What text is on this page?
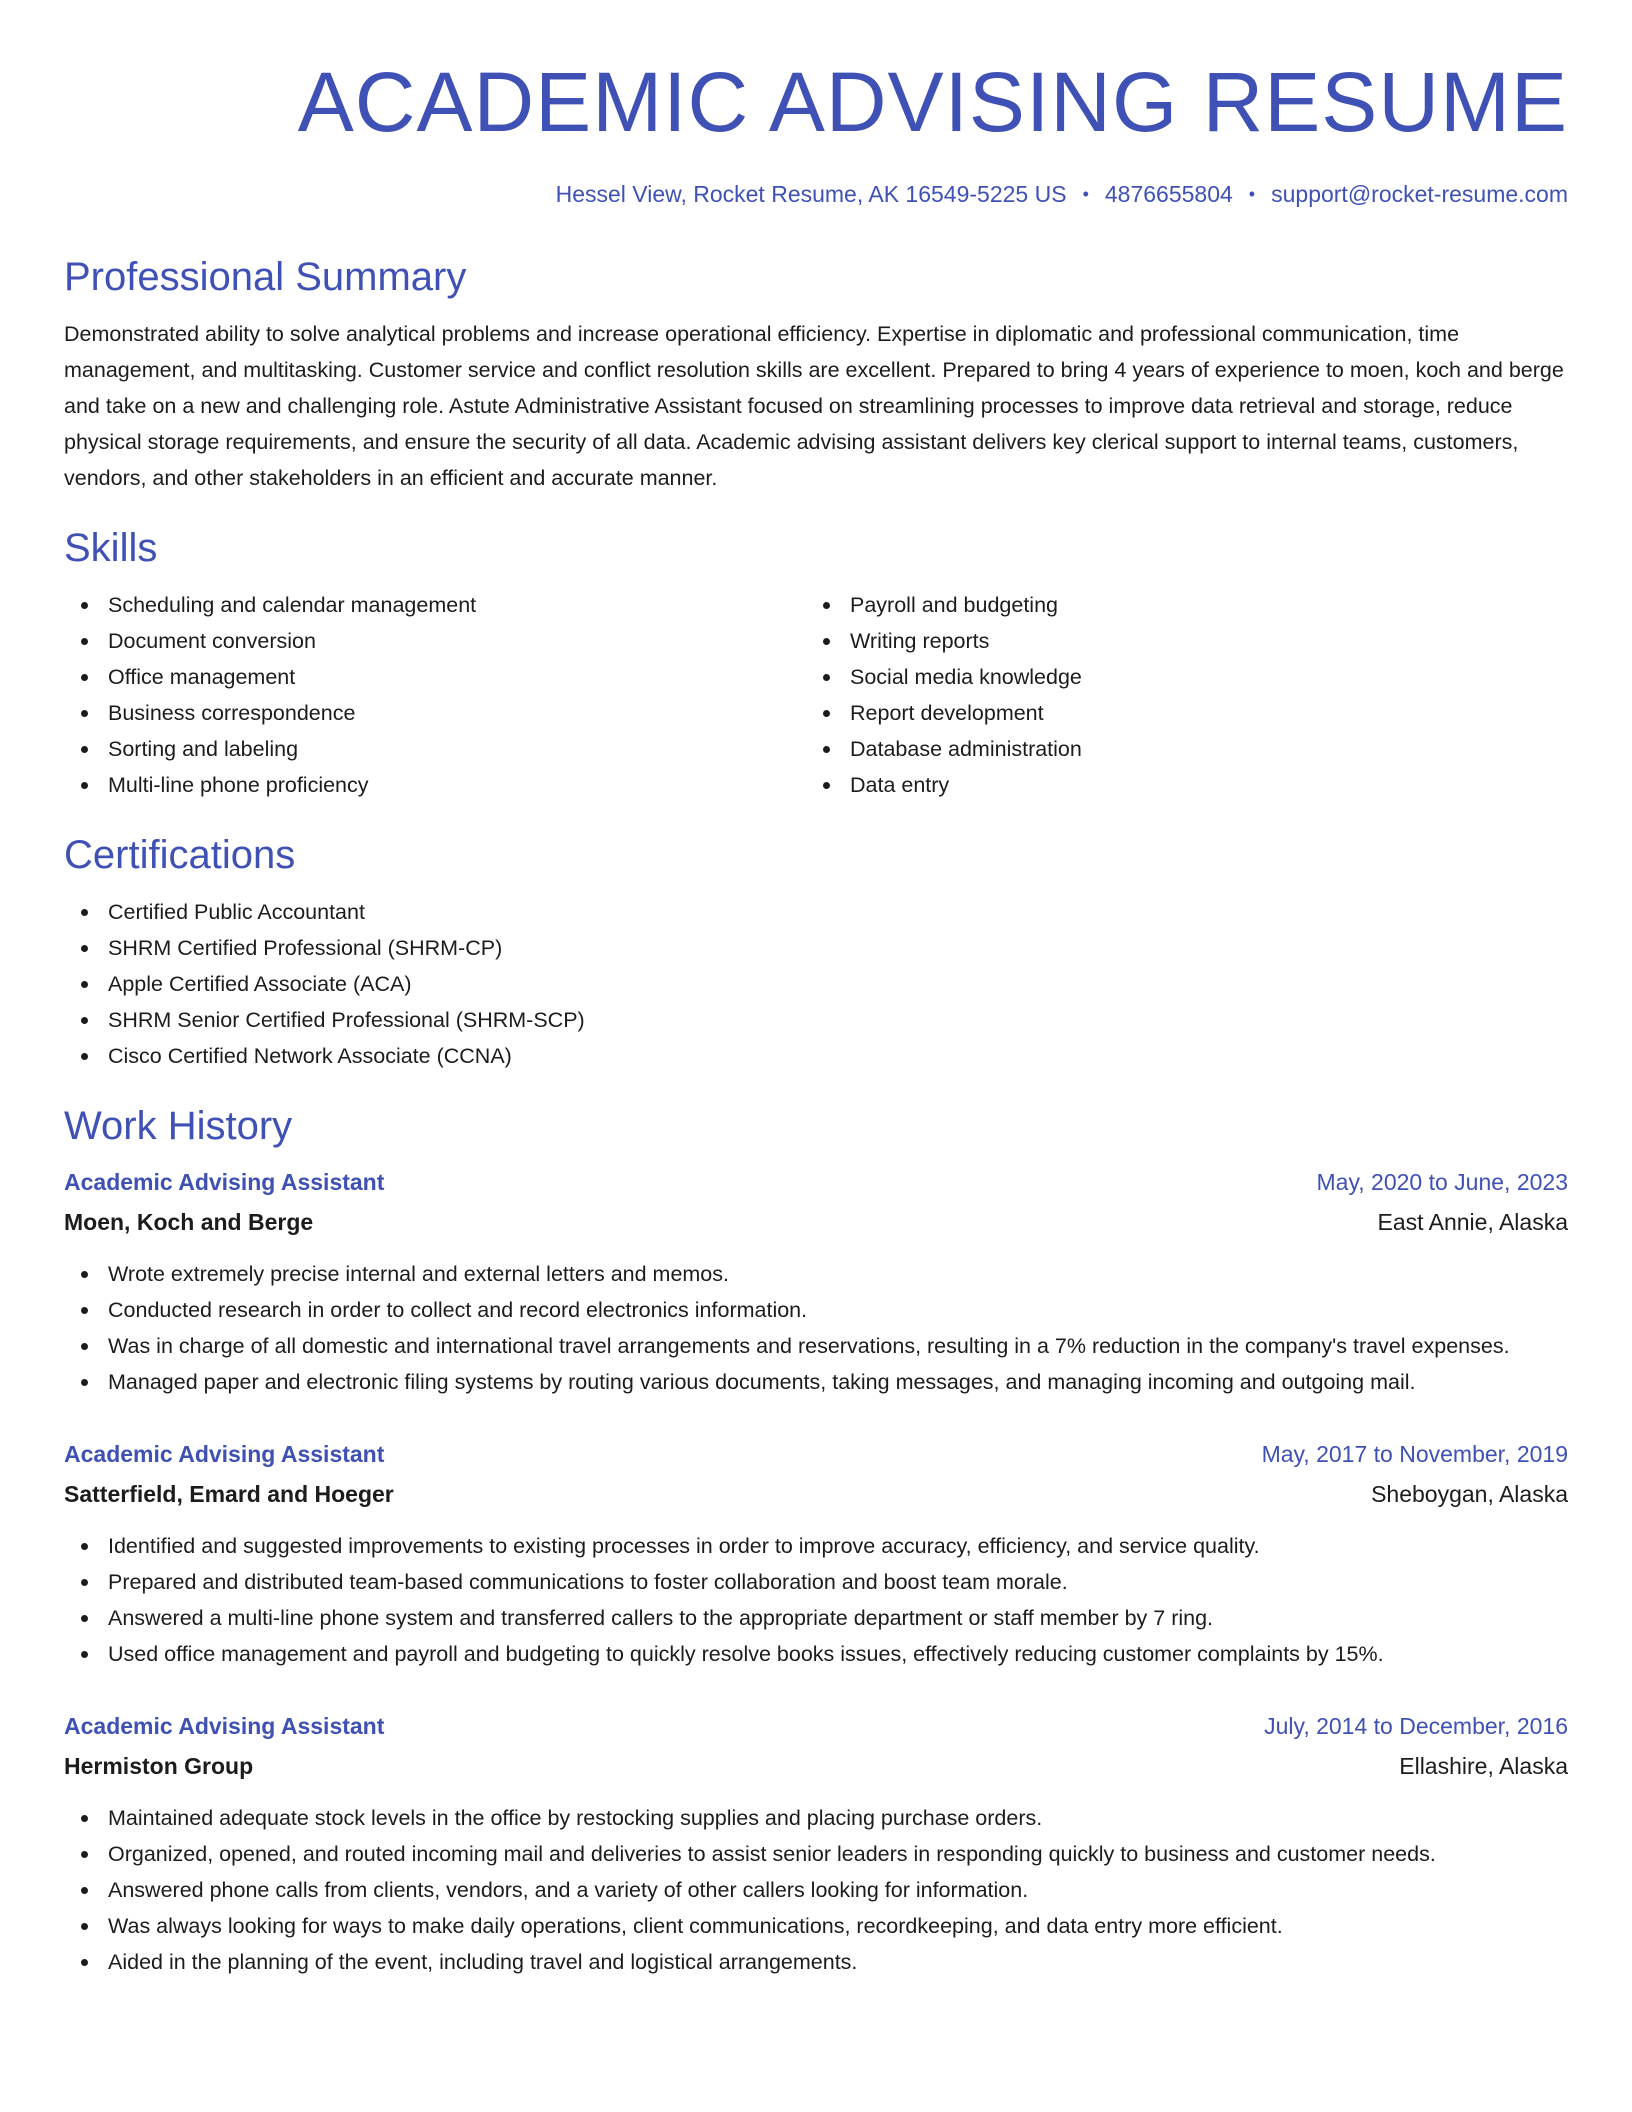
ACADEMIC ADVISING RESUME
Hessel View, Rocket Resume, AK 16549-5225 US • 4876655804 • support@rocket-resume.com
Professional Summary
Demonstrated ability to solve analytical problems and increase operational efficiency. Expertise in diplomatic and professional communication, time management, and multitasking. Customer service and conflict resolution skills are excellent. Prepared to bring 4 years of experience to moen, koch and berge and take on a new and challenging role. Astute Administrative Assistant focused on streamlining processes to improve data retrieval and storage, reduce physical storage requirements, and ensure the security of all data. Academic advising assistant delivers key clerical support to internal teams, customers, vendors, and other stakeholders in an efficient and accurate manner.
Skills
Scheduling and calendar management
Document conversion
Office management
Business correspondence
Sorting and labeling
Multi-line phone proficiency
Payroll and budgeting
Writing reports
Social media knowledge
Report development
Database administration
Data entry
Certifications
Certified Public Accountant
SHRM Certified Professional (SHRM-CP)
Apple Certified Associate (ACA)
SHRM Senior Certified Professional (SHRM-SCP)
Cisco Certified Network Associate (CCNA)
Work History
Academic Advising Assistant	May, 2020 to June, 2023
Moen, Koch and Berge	East Annie, Alaska
Wrote extremely precise internal and external letters and memos.
Conducted research in order to collect and record electronics information.
Was in charge of all domestic and international travel arrangements and reservations, resulting in a 7% reduction in the company's travel expenses.
Managed paper and electronic filing systems by routing various documents, taking messages, and managing incoming and outgoing mail.
Academic Advising Assistant	May, 2017 to November, 2019
Satterfield, Emard and Hoeger	Sheboygan, Alaska
Identified and suggested improvements to existing processes in order to improve accuracy, efficiency, and service quality.
Prepared and distributed team-based communications to foster collaboration and boost team morale.
Answered a multi-line phone system and transferred callers to the appropriate department or staff member by 7 ring.
Used office management and payroll and budgeting to quickly resolve books issues, effectively reducing customer complaints by 15%.
Academic Advising Assistant	July, 2014 to December, 2016
Hermiston Group	Ellashire, Alaska
Maintained adequate stock levels in the office by restocking supplies and placing purchase orders.
Organized, opened, and routed incoming mail and deliveries to assist senior leaders in responding quickly to business and customer needs.
Answered phone calls from clients, vendors, and a variety of other callers looking for information.
Was always looking for ways to make daily operations, client communications, recordkeeping, and data entry more efficient.
Aided in the planning of the event, including travel and logistical arrangements.
